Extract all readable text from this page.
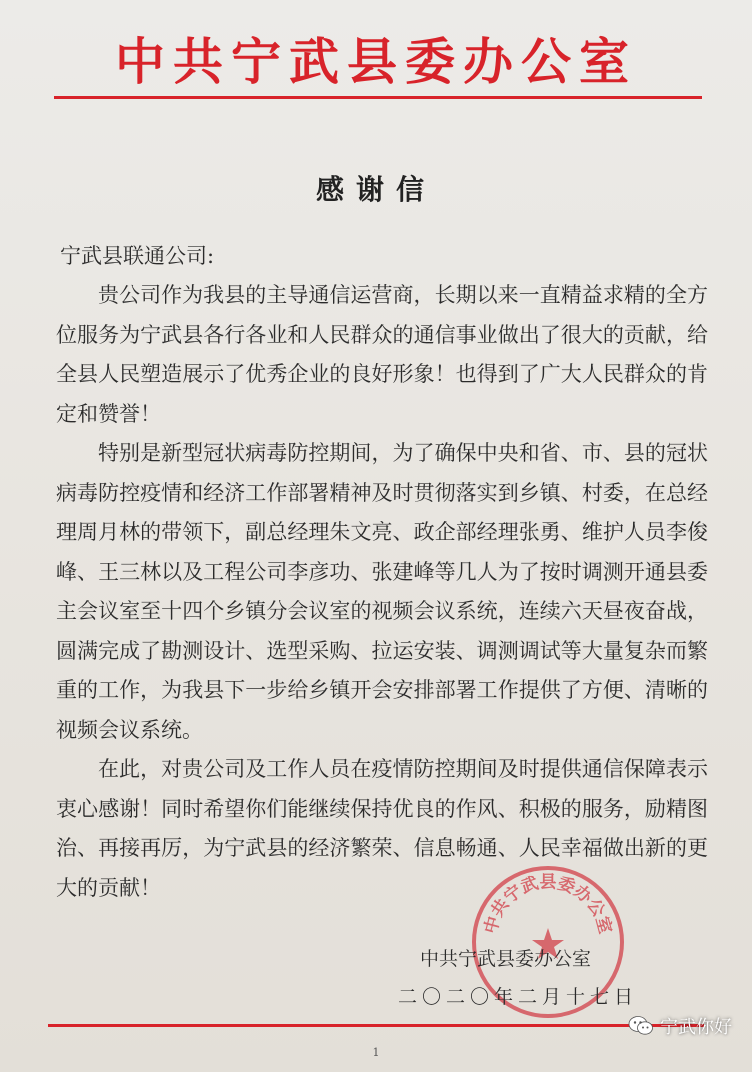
中共宁武县委办公室
感谢信
宁武县联通公司:

贵公司作为我县的主导通信运营商，长期以来一直精益求精的全方位服务为宁武县各行各业和人民群众的通信事业做出了很大的贡献，给全县人民塑造展示了优秀企业的良好形象！也得到了广大人民群众的肯定和赞誉！

特别是新型冠状病毒防控期间，为了确保中央和省、市、县的冠状病毒防控疫情和经济工作部署精神及时贯彻落实到乡镇、村委，在总经理周月林的带领下，副总经理朱文亮、政企部经理张勇、维护人员李俊峰、王三林以及工程公司李彦功、张建峰等几人为了按时调测开通县委主会议室至十四个乡镇分会议室的视频会议系统，连续六天昼夜奋战，圆满完成了勘测设计、选型采购、拉运安装、调测调试等大量复杂而繁重的工作，为我县下一步给乡镇开会安排部署工作提供了方便、清晰的视频会议系统。

在此，对贵公司及工作人员在疫情防控期间及时提供通信保障表示衷心感谢！同时希望你们能继续保持优良的作风、积极的服务，励精图治、再接再厉，为宁武县的经济繁荣、信息畅通、人民幸福做出新的更大的贡献！

中共宁武县委办公室
中共宁武县委办公室
二〇二〇年二月十七日
1
宁武你好
